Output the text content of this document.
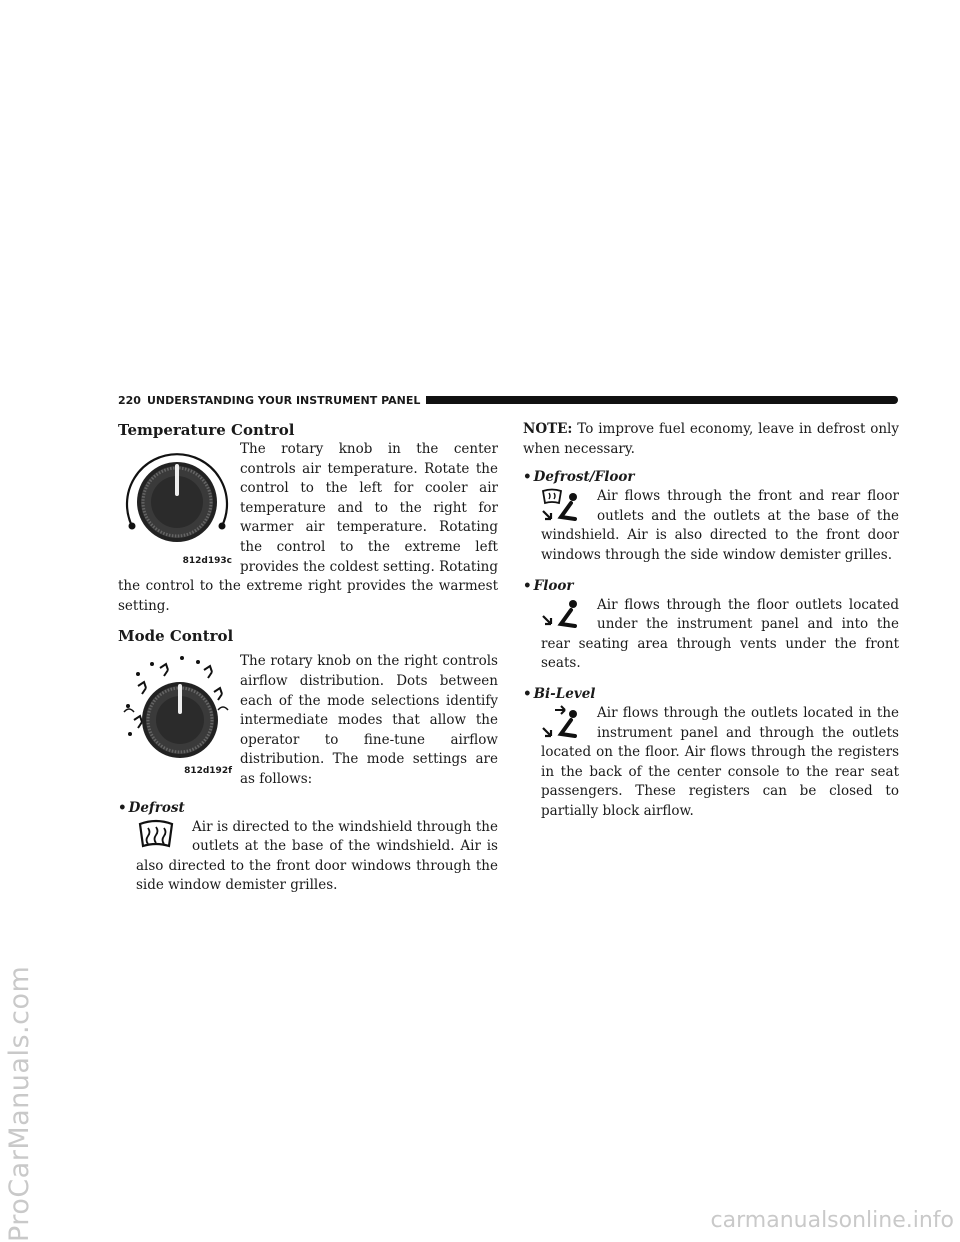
ProCarManuals.com	carmanualsonline.info
220 UNDERSTANDING YOUR INSTRUMENT PANEL
Temperature Control
812d193c

The rotary knob in the center controls air temperature. Rotate the control to the left for cooler air temperature and to the right for warmer air temperature. Rotating the control to the extreme left provides the coldest setting. Rotating the control to the extreme right provides the warmest setting.

Mode Control
812d192f

The rotary knob on the right controls airflow distribution. Dots between each of the mode selections identify intermediate modes that allow the operator to fine-tune airflow distribution. The mode settings are as follows:

• Defrost

Air is directed to the windshield through the outlets at the base of the windshield. Air is also directed to the front door windows through the side window demister grilles.

NOTE: To improve fuel economy, leave in defrost only when necessary.

• Defrost/Floor

Air flows through the front and rear floor outlets and the outlets at the base of the windshield. Air is also directed to the front door windows through the side window demister grilles.

• Floor

Air flows through the floor outlets located under the instrument panel and into the rear seating area through vents under the front seats.

• Bi-Level

Air flows through the outlets located in the instrument panel and through the outlets located on the floor. Air flows through the registers in the back of the center console to the rear seat passengers. These registers can be closed to partially block airflow.
